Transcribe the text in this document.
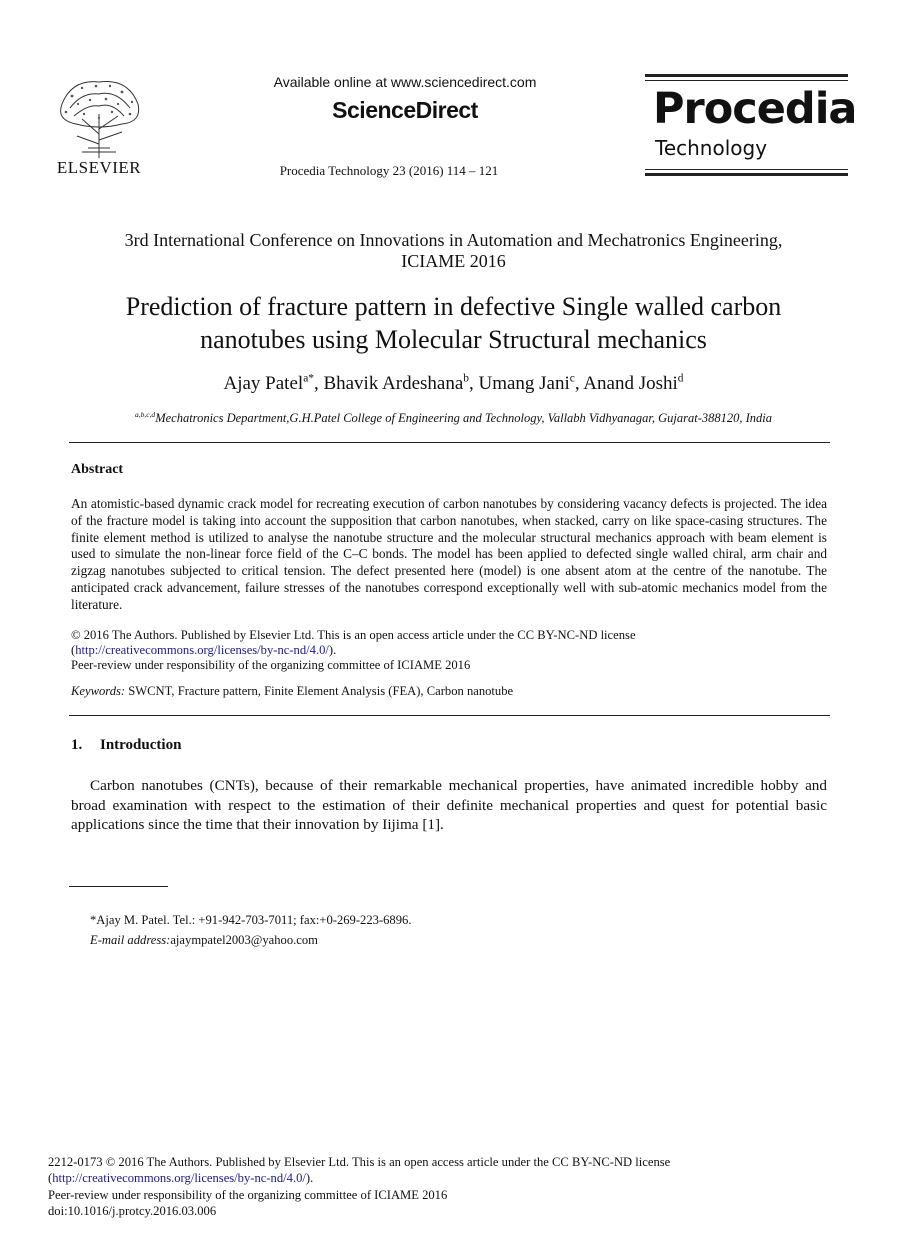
ELSEVIER
Available online at www.sciencedirect.com
ScienceDirect
Procedia Technology 23 (2016) 114 – 121
Procedia
Technology
3rd International Conference on Innovations in Automation and Mechatronics Engineering,
ICIAME 2016
Prediction of fracture pattern in defective Single walled carbon
nanotubes using Molecular Structural mechanics
Ajay Patel$^{a*}$, Bhavik Ardeshana$^b$, Umang Jani$^c$, Anand Joshi$^d$
$^{a,b,c,d}$Mechatronics Department,G.H.Patel College of Engineering and Technology, Vallabh Vidhyanagar, Gujarat-388120, India
Abstract
An atomistic-based dynamic crack model for recreating execution of carbon nanotubes by considering vacancy defects is projected. The idea of the fracture model is taking into account the supposition that carbon nanotubes, when stacked, carry on like space-casing structures. The finite element method is utilized to analyse the nanotube structure and the molecular structural mechanics approach with beam element is used to simulate the non-linear force field of the C–C bonds. The model has been applied to defected single walled chiral, arm chair and zigzag nanotubes subjected to critical tension. The defect presented here (model) is one absent atom at the centre of the nanotube. The anticipated crack advancement, failure stresses of the nanotubes correspond exceptionally well with sub-atomic mechanics model from the literature.
© 2016 The Authors. Published by Elsevier Ltd. This is an open access article under the CC BY-NC-ND license
(http://creativecommons.org/licenses/by-nc-nd/4.0/).
Peer-review under responsibility of the organizing committee of ICIAME 2016
Keywords: SWCNT, Fracture pattern, Finite Element Analysis (FEA), Carbon nanotube
1. Introduction
Carbon nanotubes (CNTs), because of their remarkable mechanical properties, have animated incredible hobby and broad examination with respect to the estimation of their definite mechanical properties and quest for potential basic applications since the time that their innovation by Iijima [1].
*Ajay M. Patel. Tel.: +91-942-703-7011; fax:+0-269-223-6896.
E-mail address:ajaympatel2003@yahoo.com
2212-0173 © 2016 The Authors. Published by Elsevier Ltd. This is an open access article under the CC BY-NC-ND license
(http://creativecommons.org/licenses/by-nc-nd/4.0/).
Peer-review under responsibility of the organizing committee of ICIAME 2016
doi:10.1016/j.protcy.2016.03.006
